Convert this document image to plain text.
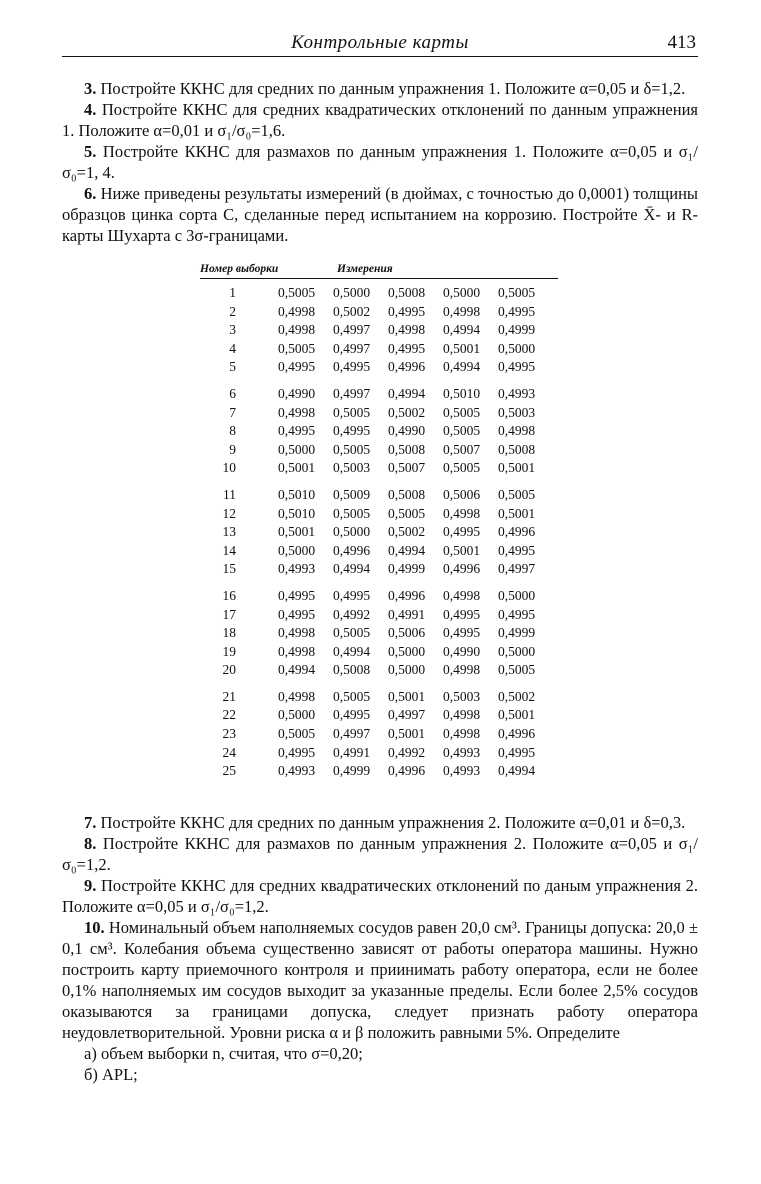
Контрольные карты	413

3. Постройте ККНС для средних по данным упражнения 1. Положите α=0,05 и δ=1,2.

4. Постройте ККНС для средних квадратических отклонений по данным упражнения 1. Положите α=0,01 и σ₁/σ₀=1,6.

5. Постройте ККНС для размахов по данным упражнения 1. Положите α=0,05 и σ₁/σ₀=1, 4.

6. Ниже приведены результаты измерений (в дюймах, с точностью до 0,0001) толщины образцов цинка сорта С, сделанные перед испытанием на коррозию. Постройте X̄- и R-карты Шухарта с 3σ-границами.

Номер выборки	Измерения
1	0,5005	0,5000	0,5008	0,5000	0,5005
2	0,4998	0,5002	0,4995	0,4998	0,4995
3	0,4998	0,4997	0,4998	0,4994	0,4999
4	0,5005	0,4997	0,4995	0,5001	0,5000
5	0,4995	0,4995	0,4996	0,4994	0,4995
6	0,4990	0,4997	0,4994	0,5010	0,4993
7	0,4998	0,5005	0,5002	0,5005	0,5003
8	0,4995	0,4995	0,4990	0,5005	0,4998
9	0,5000	0,5005	0,5008	0,5007	0,5008
10	0,5001	0,5003	0,5007	0,5005	0,5001
11	0,5010	0,5009	0,5008	0,5006	0,5005
12	0,5010	0,5005	0,5005	0,4998	0,5001
13	0,5001	0,5000	0,5002	0,4995	0,4996
14	0,5000	0,4996	0,4994	0,5001	0,4995
15	0,4993	0,4994	0,4999	0,4996	0,4997
16	0,4995	0,4995	0,4996	0,4998	0,5000
17	0,4995	0,4992	0,4991	0,4995	0,4995
18	0,4998	0,5005	0,5006	0,4995	0,4999
19	0,4998	0,4994	0,5000	0,4990	0,5000
20	0,4994	0,5008	0,5000	0,4998	0,5005
21	0,4998	0,5005	0,5001	0,5003	0,5002
22	0,5000	0,4995	0,4997	0,4998	0,5001
23	0,5005	0,4997	0,5001	0,4998	0,4996
24	0,4995	0,4991	0,4992	0,4993	0,4995
25	0,4993	0,4999	0,4996	0,4993	0,4994

7. Постройте ККНС для средних по данным упражнения 2. Положите α=0,01 и δ=0,3.

8. Постройте ККНС для размахов по данным упражнения 2. Положите α=0,05 и σ₁/σ₀=1,2.

9. Постройте ККНС для средних квадратических отклонений по даным упражнения 2. Положите α=0,05 и σ₁/σ₀=1,2.

10. Номинальный объем наполняемых сосудов равен 20,0 см³. Границы допуска: 20,0 ± 0,1 см³. Колебания объема существенно зависят от работы оператора машины. Нужно построить карту приемочного контроля и приинимать работу оператора, если не более 0,1% наполняемых им сосудов выходит за указанные пределы. Если более 2,5% сосудов оказываются за границами допуска, следует признать работу оператора неудовлетворительной. Уровни риска α и β положить равными 5%. Определите

а) объем выборки n, считая, что σ=0,20;

б) APL;
